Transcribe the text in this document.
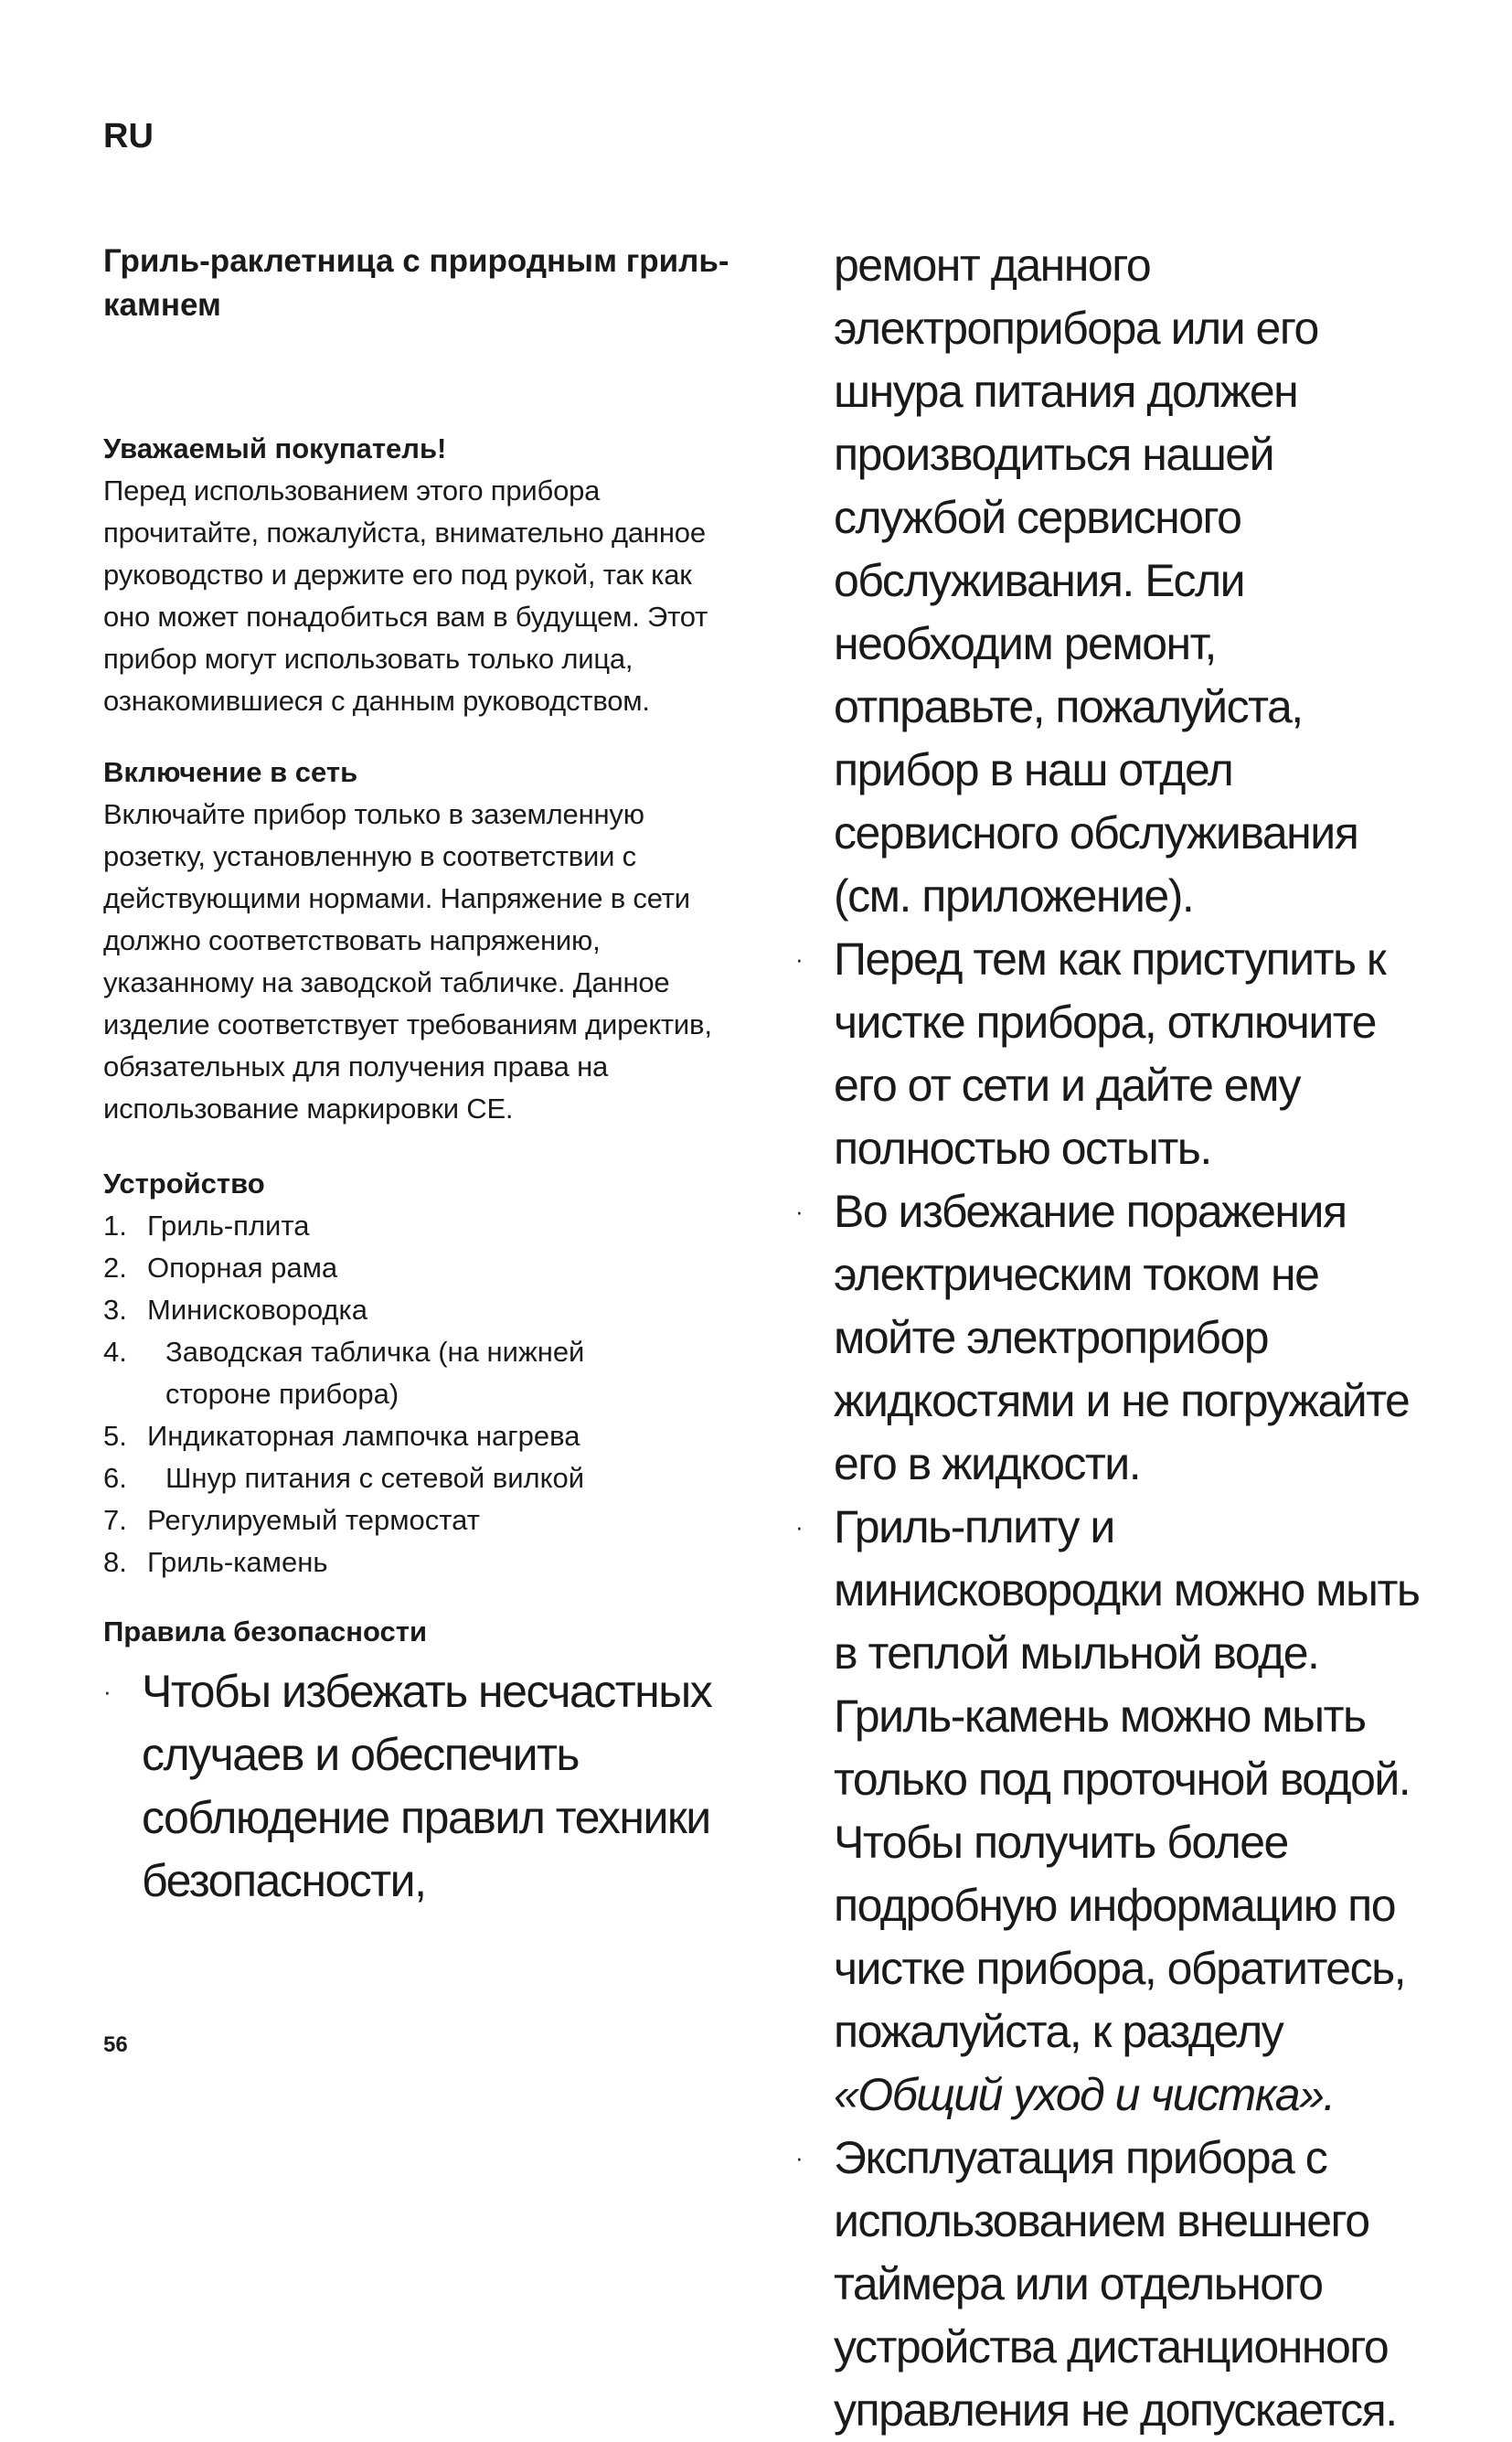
RU
Гриль-раклетница с природным гриль-камнем
Уважаемый покупатель!

Перед использованием этого прибора прочитайте, пожалуйста, внимательно данное руководство и держите его под рукой, так как оно может понадобиться вам в будущем. Этот прибор могут использовать только лица, ознакомившиеся с данным руководством.

Включение в сеть

Включайте прибор только в заземленную розетку, установленную в соответствии с действующими нормами. Напряжение в сети должно соответствовать напряжению, указанному на заводской табличке. Данное изделие соответствует требованиям директив, обязательных для получения права на использование маркировки CE.

Устройство
1. Гриль-плита
2. Опорная рама
3. Минисковородка
4.	Заводская табличка (на нижней стороне прибора)
5. Индикаторная лампочка нагрева
6.	Шнур питания с сетевой вилкой
7. Регулируемый термостат
8. Гриль-камень
Правила безопасности
· Чтобы избежать несчастных случаев и обеспечить соблюдение правил техники безопасности,
ремонт данного электроприбора или его шнура питания должен производиться нашей службой сервисного обслуживания. Если необходим ремонт, отправьте, пожалуйста, прибор в наш отдел сервисного обслуживания (см. приложение).
· Перед тем как приступить к чистке прибора, отключите его от сети и дайте ему полностью остыть.
· Во избежание поражения электрическим током не мойте электроприбор жидкостями и не погружайте его в жидкости.
· Гриль-плиту и минисковородки можно мыть в теплой мыльной воде. Гриль-камень можно мыть только под проточной водой. Чтобы получить более подробную информацию по чистке прибора, обратитесь, пожалуйста, к разделу «Общий уход и чистка».
· Эксплуатация прибора с использованием внешнего таймера или отдельного устройства дистанционного управления не допускается.
56
